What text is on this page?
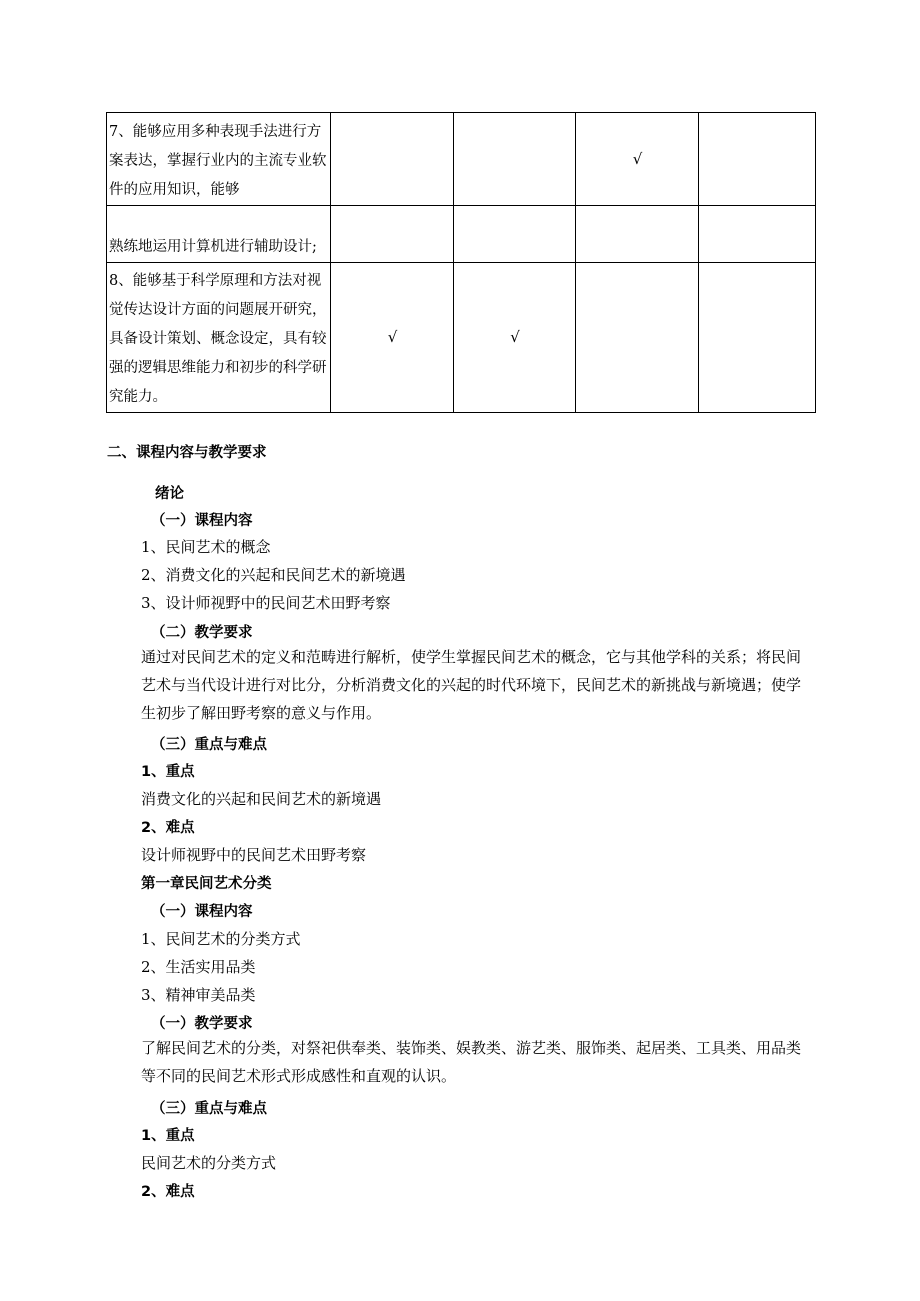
7、能够应用多种表现手法进行方案表达，掌握行业内的主流专业软件的应用知识，能够			√	
熟练地运用计算机进行辅助设计;				
8、能够基于科学原理和方法对视觉传达设计方面的问题展开研究，具备设计策划、概念设定，具有较强的逻辑思维能力和初步的科学研究能力。	√	√		
二、课程内容与教学要求
绪论
（一）课程内容
1、民间艺术的概念
2、消费文化的兴起和民间艺术的新境遇
3、设计师视野中的民间艺术田野考察
（二）教学要求
通过对民间艺术的定义和范畴进行解析，使学生掌握民间艺术的概念，它与其他学科的关系；将民间艺术与当代设计进行对比分，分析消费文化的兴起的时代环境下，民间艺术的新挑战与新境遇；使学生初步了解田野考察的意义与作用。
（三）重点与难点
1、重点
消费文化的兴起和民间艺术的新境遇
2、难点
设计师视野中的民间艺术田野考察
第一章民间艺术分类
（一）课程内容
1、民间艺术的分类方式
2、生活实用品类
3、精神审美品类
（一）教学要求
了解民间艺术的分类，对祭祀供奉类、装饰类、娱教类、游艺类、服饰类、起居类、工具类、用品类等不同的民间艺术形式形成感性和直观的认识。
（三）重点与难点
1、重点
民间艺术的分类方式
2、难点
